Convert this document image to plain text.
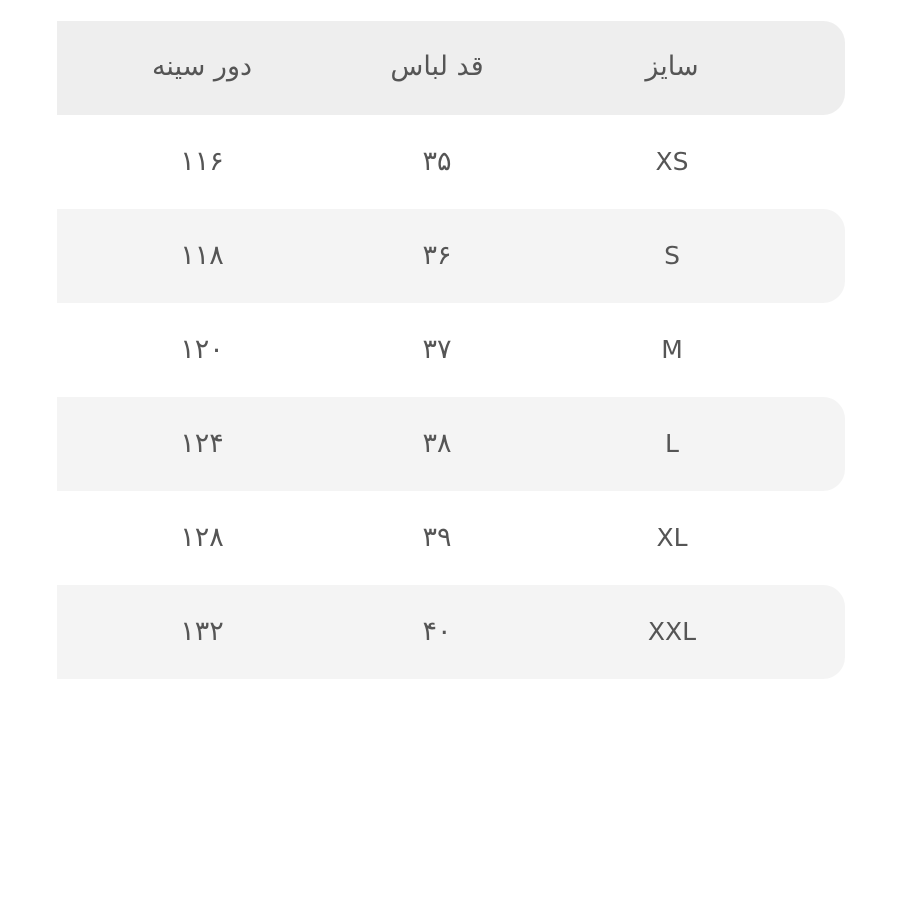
سایز
قد لباس
دور سینه
XS
۳۵
۱۱۶
S
۳۶
۱۱۸
M
۳۷
۱۲۰
L
۳۸
۱۲۴
XL
۳۹
۱۲۸
XXL
۴۰
۱۳۲
